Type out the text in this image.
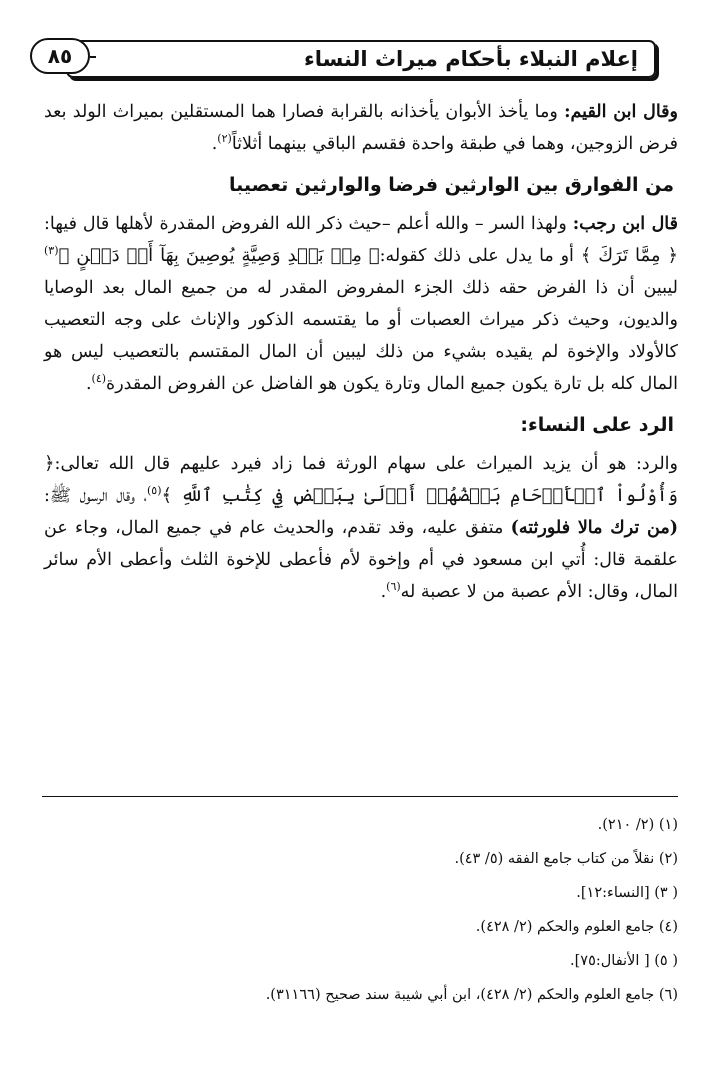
إعلام النبلاء بأحكام ميراث النساء
٨٥

وقال ابن القيم: وما يأخذ الأبوان يأخذانه بالقرابة فصارا هما المستقلين بميراث الولد بعد فرض الزوجين، وهما في طبقة واحدة فقسم الباقي بينهما أثلاثاً$^{(٢)}$.

من الفوارق بين الوارثين فرضا والوارثين تعصيبا

قال ابن رجب: ولهذا السر – والله أعلم –حيث ذكر الله الفروض المقدرة لأهلها قال فيها:﴿ مِمَّا تَرَكَ ﴾ أو ما يدل على ذلك كقوله:﴿ مِنۢ بَعۡدِ وَصِيَّةٍ يُوصِينَ بِهَآ أَوۡ دَيۡنٍ ﴾$^{(٣)}$ ليبين أن ذا الفرض حقه ذلك الجزء المفروض المقدر له من جميع المال بعد الوصايا والديون، وحيث ذكر ميراث العصبات أو ما يقتسمه الذكور والإناث على وجه التعصيب كالأولاد والإخوة لم يقيده بشيء من ذلك ليبين أن المال المقتسم بالتعصيب ليس هو المال كله بل تارة يكون جميع المال وتارة يكون هو الفاضل عن الفروض المقدرة$^{(٤)}$.

الرد على النساء:

والرد: هو أن يزيد الميراث على سهام الورثة فما زاد فيرد عليهم قال الله تعالى:﴿ وَأُوْلُواْ ٱلۡأَرۡحَامِ بَعۡضُهُمۡ أَوۡلَىٰ بِبَعۡضٖ فِي كِتَٰبِ ٱللَّهِ ﴾$^{(٥)}$، وقال الرسول ﷺ: (من ترك مالا فلورثته) متفق عليه، وقد تقدم، والحديث عام في جميع المال، وجاء عن علقمة قال: أُتي ابن مسعود في أم وإخوة لأم فأعطى للإخوة الثلث وأعطى الأم سائر المال، وقال: الأم عصبة من لا عصبة له$^{(٦)}$.

(١) (٢/ ٢١٠).

(٢) نقلاً من كتاب جامع الفقه (٥/ ٤٣).

( ٣) [النساء:١٢].

(٤) جامع العلوم والحكم (٢/ ٤٢٨).

( ٥) [ الأنفال:٧٥].

(٦) جامع العلوم والحكم (٢/ ٤٢٨)، ابن أبي شيبة سند صحيح (٣١١٦٦).
